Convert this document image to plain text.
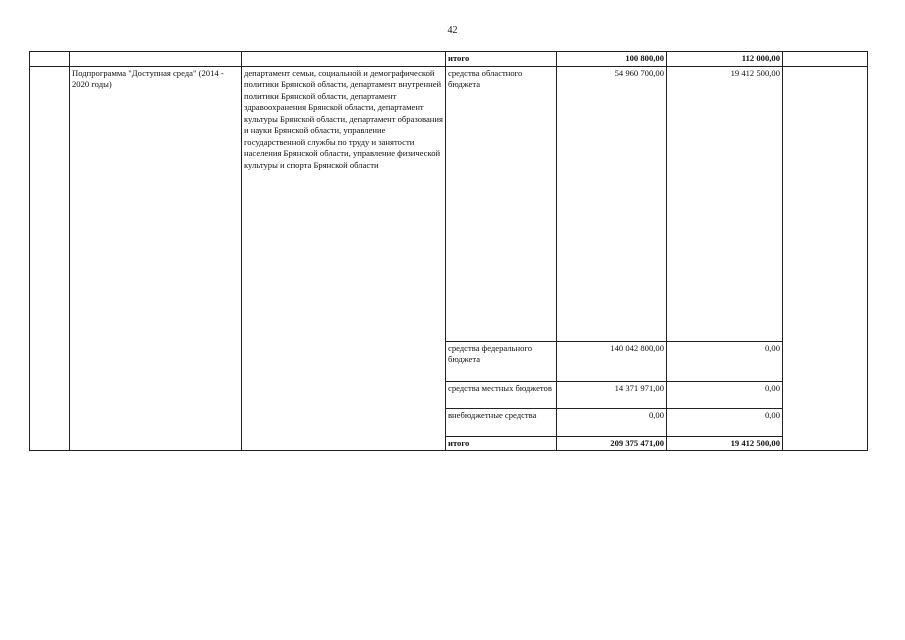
42
			итого	100 800,00	112 000,00	
	Подпрограмма "Доступная среда" (2014 - 2020 годы)	департамент семьи, социальной и демографической политики Брянской области, департамент внутренней политики Брянской области, департамент здравоохранения Брянской области, департамент культуры Брянской области, департамент образования и науки Брянской области, управление государственной службы по труду и занятости населения Брянской области, управление физической культуры и спорта Брянской области	средства областного бюджета	54 960 700,00	19 412 500,00	
			средства федерального бюджета	140 042 800,00	0,00	
			средства местных бюджетов	14 371 971,00	0,00	
			внебюджетные средства	0,00	0,00	
			итого	209 375 471,00	19 412 500,00	
